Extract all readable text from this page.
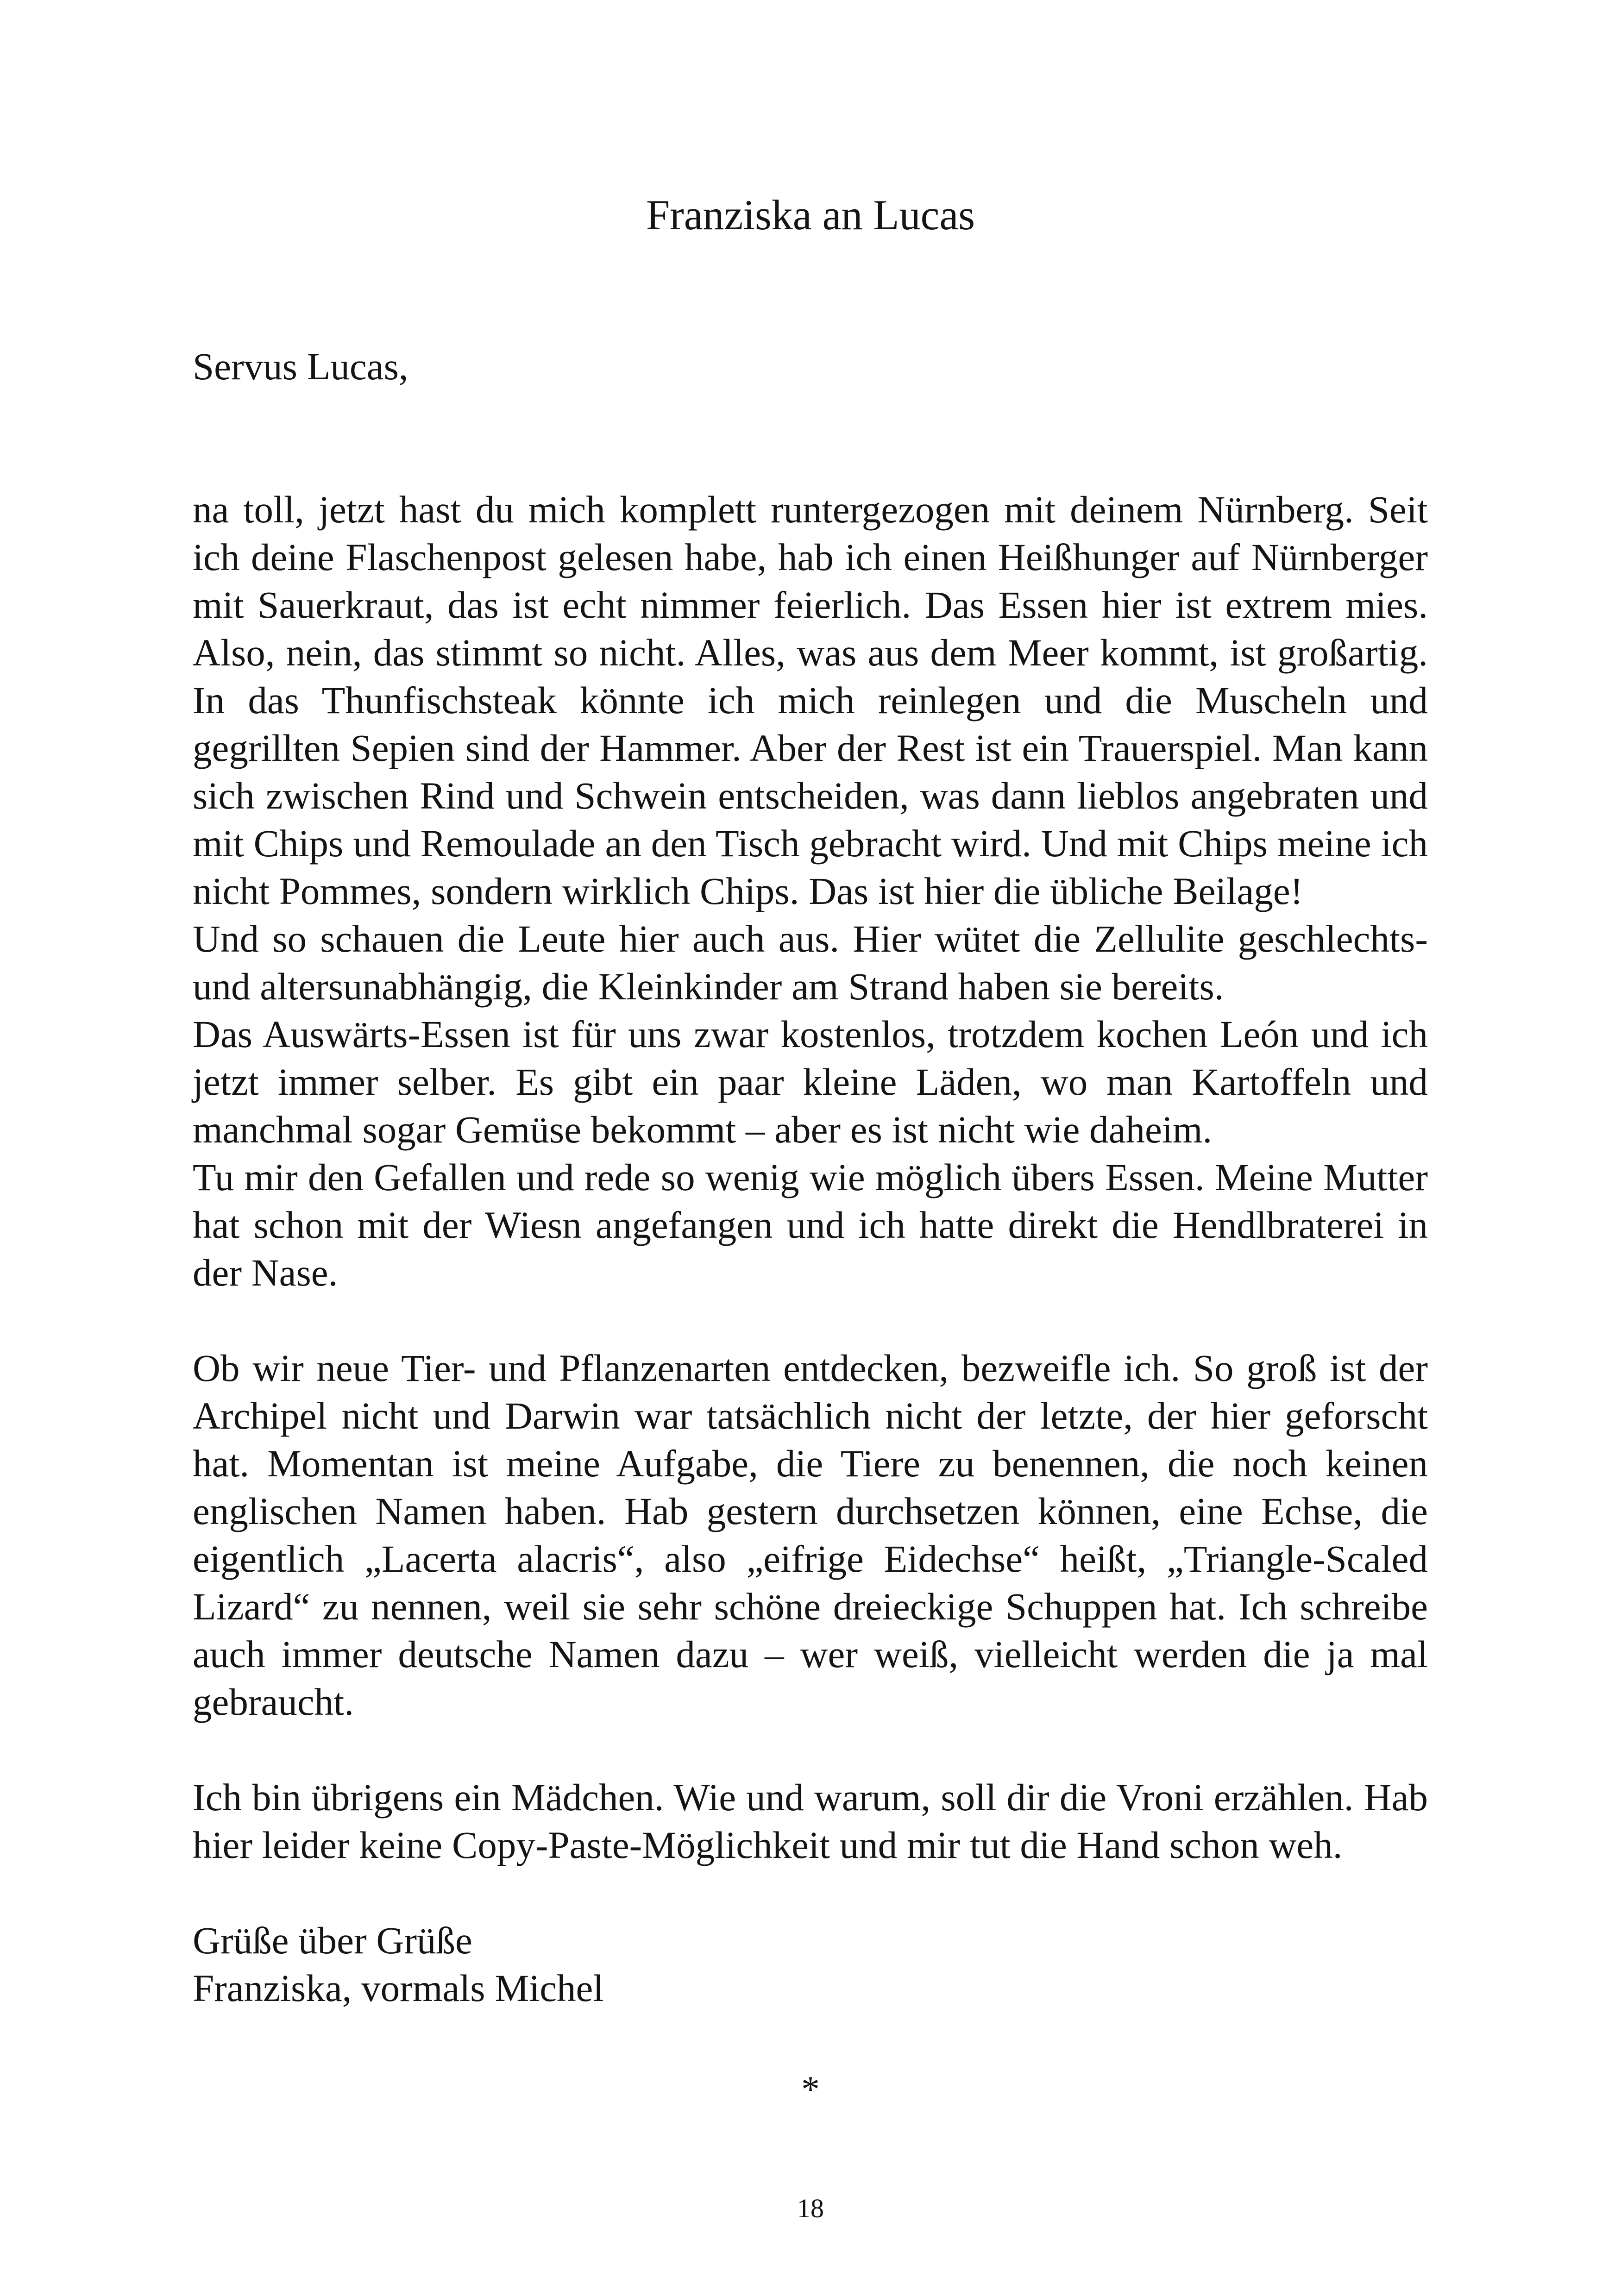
Franziska an Lucas

Servus Lucas,

na toll, jetzt hast du mich komplett runtergezogen mit deinem Nürnberg. Seit ich deine Flaschenpost gelesen habe, hab ich einen Heißhunger auf Nürnberger mit Sauerkraut, das ist echt nimmer feierlich. Das Essen hier ist extrem mies. Also, nein, das stimmt so nicht. Alles, was aus dem Meer kommt, ist großartig. In das Thunfischsteak könnte ich mich reinlegen und die Muscheln und gegrillten Sepien sind der Hammer. Aber der Rest ist ein Trauerspiel. Man kann sich zwischen Rind und Schwein entscheiden, was dann lieblos angebraten und mit Chips und Remoulade an den Tisch gebracht wird. Und mit Chips meine ich nicht Pommes, sondern wirklich Chips. Das ist hier die übliche Beilage!

Und so schauen die Leute hier auch aus. Hier wütet die Zellulite geschlechts- und altersunabhängig, die Kleinkinder am Strand haben sie bereits.

Das Auswärts-Essen ist für uns zwar kostenlos, trotzdem kochen León und ich jetzt immer selber. Es gibt ein paar kleine Läden, wo man Kartoffeln und manchmal sogar Gemüse bekommt – aber es ist nicht wie daheim.

Tu mir den Gefallen und rede so wenig wie möglich übers Essen. Meine Mutter hat schon mit der Wiesn angefangen und ich hatte direkt die Hendlbraterei in der Nase.

Ob wir neue Tier- und Pflanzenarten entdecken, bezweifle ich. So groß ist der Archipel nicht und Darwin war tatsächlich nicht der letzte, der hier geforscht hat. Momentan ist meine Aufgabe, die Tiere zu benennen, die noch keinen englischen Namen haben. Hab gestern durchsetzen können, eine Echse, die eigentlich „Lacerta alacris“, also „eifrige Eidechse“ heißt, „Triangle-Scaled Lizard“ zu nennen, weil sie sehr schöne dreieckige Schuppen hat. Ich schreibe auch immer deutsche Namen dazu – wer weiß, vielleicht werden die ja mal gebraucht.

Ich bin übrigens ein Mädchen. Wie und warum, soll dir die Vroni erzählen. Hab hier leider keine Copy-Paste-Möglichkeit und mir tut die Hand schon weh.

Grüße über Grüße

Franziska, vormals Michel

*
18
